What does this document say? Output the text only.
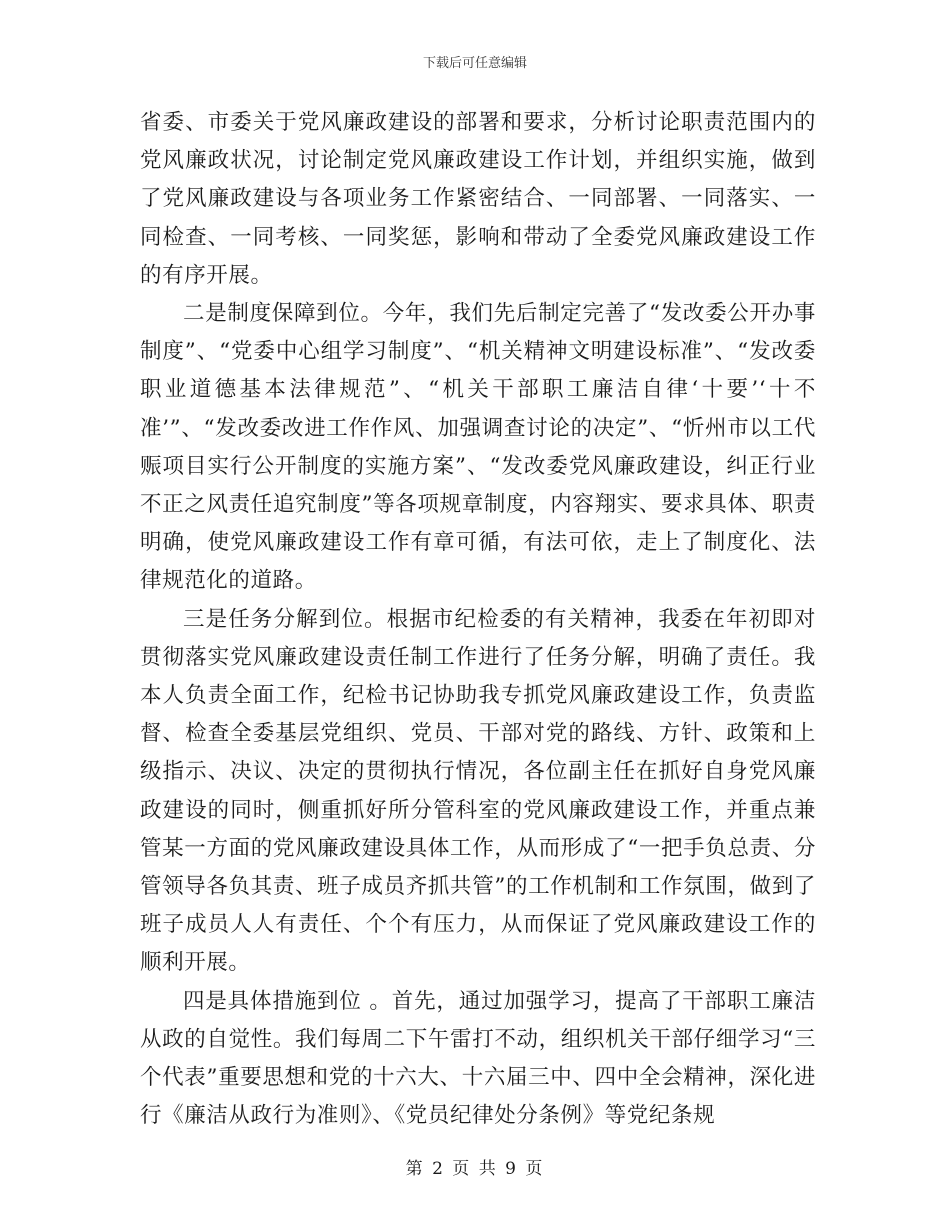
下载后可任意编辑

省委、市委关于党风廉政建设的部署和要求，分析讨论职责范围内的党风廉政状况，讨论制定党风廉政建设工作计划，并组织实施，做到了党风廉政建设与各项业务工作紧密结合、一同部署、一同落实、一同检查、一同考核、一同奖惩，影响和带动了全委党风廉政建设工作的有序开展。

二是制度保障到位。今年，我们先后制定完善了“发改委公开办事制度”、“党委中心组学习制度”、“机关精神文明建设标准”、“发改委职业道德基本法律规范”、“机关干部职工廉洁自律‘十要’‘十不准’”、“发改委改进工作作风、加强调查讨论的决定”、“忻州市以工代赈项目实行公开制度的实施方案”、“发改委党风廉政建设，纠正行业不正之风责任追究制度”等各项规章制度，内容翔实、要求具体、职责明确，使党风廉政建设工作有章可循，有法可依，走上了制度化、法律规范化的道路。

三是任务分解到位。根据市纪检委的有关精神，我委在年初即对贯彻落实党风廉政建设责任制工作进行了任务分解，明确了责任。我本人负责全面工作，纪检书记协助我专抓党风廉政建设工作，负责监督、检查全委基层党组织、党员、干部对党的路线、方针、政策和上级指示、决议、决定的贯彻执行情况，各位副主任在抓好自身党风廉政建设的同时，侧重抓好所分管科室的党风廉政建设工作，并重点兼管某一方面的党风廉政建设具体工作，从而形成了“一把手负总责、分管领导各负其责、班子成员齐抓共管”的工作机制和工作氛围，做到了班子成员人人有责任、个个有压力，从而保证了党风廉政建设工作的顺利开展。

四是具体措施到位 。首先，通过加强学习，提高了干部职工廉洁从政的自觉性。我们每周二下午雷打不动，组织机关干部仔细学习“三个代表”重要思想和党的十六大、十六届三中、四中全会精神，深化进行《廉洁从政行为准则》、《党员纪律处分条例》等党纪条规

第 2 页 共 9 页
